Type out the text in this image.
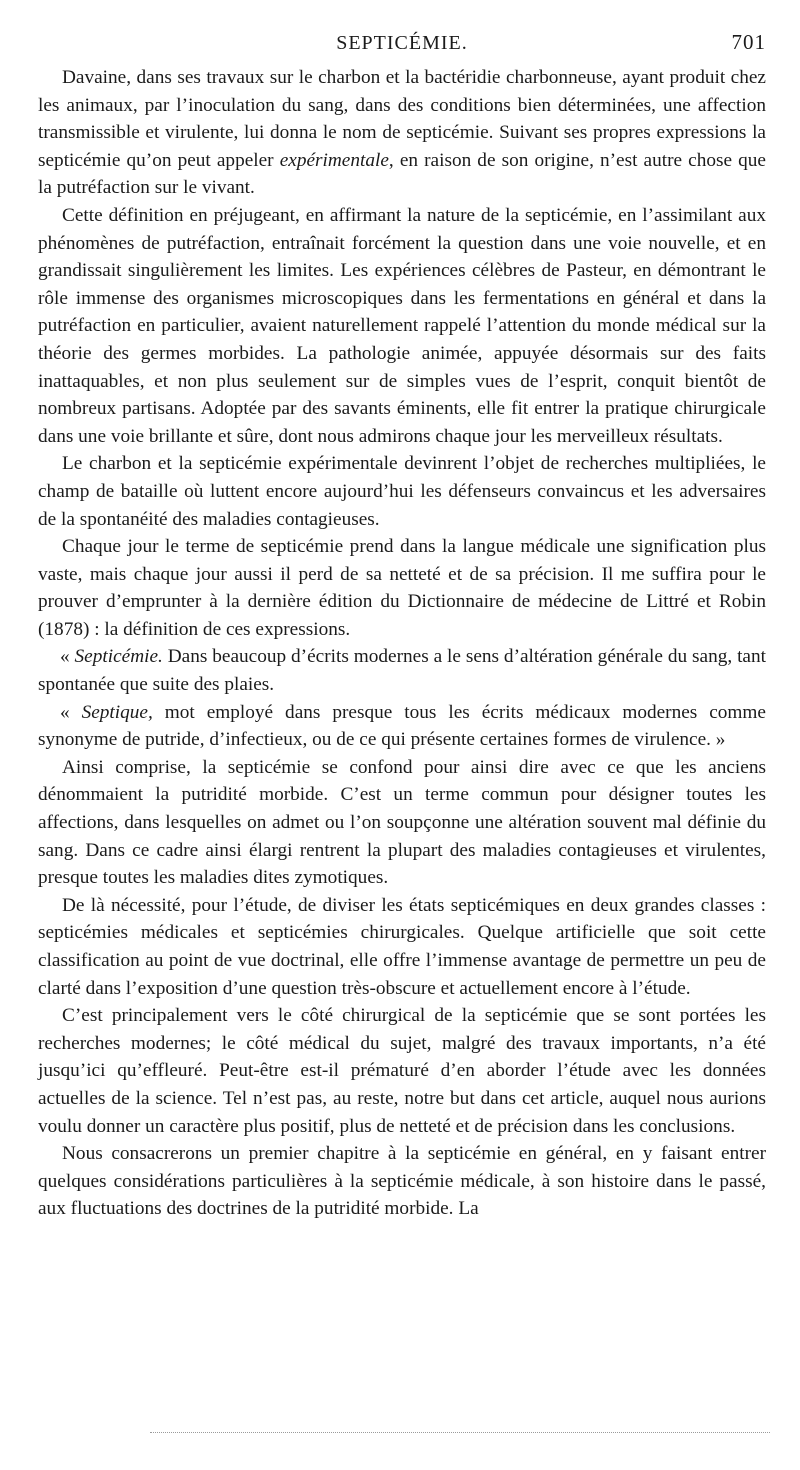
SEPTICÉMIE.	701

Davaine, dans ses travaux sur le charbon et la bactéridie charbonneuse, ayant produit chez les animaux, par l’inoculation du sang, dans des conditions bien déterminées, une affection transmissible et virulente, lui donna le nom de septicémie. Suivant ses propres expressions la septicémie qu’on peut appeler expérimentale, en raison de son origine, n’est autre chose que la putréfaction sur le vivant.

Cette définition en préjugeant, en affirmant la nature de la septicémie, en l’assimilant aux phénomènes de putréfaction, entraînait forcément la question dans une voie nouvelle, et en grandissait singulièrement les limites. Les expériences célèbres de Pasteur, en démontrant le rôle immense des organismes microscopiques dans les fermentations en général et dans la putréfaction en particulier, avaient naturellement rappelé l’attention du monde médical sur la théorie des germes morbides. La pathologie animée, appuyée désormais sur des faits inattaquables, et non plus seulement sur de simples vues de l’esprit, conquit bientôt de nombreux partisans. Adoptée par des savants éminents, elle fit entrer la pratique chirurgicale dans une voie brillante et sûre, dont nous admirons chaque jour les merveilleux résultats.

Le charbon et la septicémie expérimentale devinrent l’objet de recherches multipliées, le champ de bataille où luttent encore aujourd’hui les défenseurs convaincus et les adversaires de la spontanéité des maladies contagieuses.

Chaque jour le terme de septicémie prend dans la langue médicale une signification plus vaste, mais chaque jour aussi il perd de sa netteté et de sa précision. Il me suffira pour le prouver d’emprunter à la dernière édition du Dictionnaire de médecine de Littré et Robin (1878) : la définition de ces expressions.

« Septicémie. Dans beaucoup d’écrits modernes a le sens d’altération générale du sang, tant spontanée que suite des plaies.

« Septique, mot employé dans presque tous les écrits médicaux modernes comme synonyme de putride, d’infectieux, ou de ce qui présente certaines formes de virulence. »

Ainsi comprise, la septicémie se confond pour ainsi dire avec ce que les anciens dénommaient la putridité morbide. C’est un terme commun pour désigner toutes les affections, dans lesquelles on admet ou l’on soupçonne une altération souvent mal définie du sang. Dans ce cadre ainsi élargi rentrent la plupart des maladies contagieuses et virulentes, presque toutes les maladies dites zymotiques.

De là nécessité, pour l’étude, de diviser les états septicémiques en deux grandes classes : septicémies médicales et septicémies chirurgicales. Quelque artificielle que soit cette classification au point de vue doctrinal, elle offre l’immense avantage de permettre un peu de clarté dans l’exposition d’une question très-obscure et actuellement encore à l’étude.

C’est principalement vers le côté chirurgical de la septicémie que se sont portées les recherches modernes; le côté médical du sujet, malgré des travaux importants, n’a été jusqu’ici qu’effleuré. Peut-être est-il prématuré d’en aborder l’étude avec les données actuelles de la science. Tel n’est pas, au reste, notre but dans cet article, auquel nous aurions voulu donner un caractère plus positif, plus de netteté et de précision dans les conclusions.

Nous consacrerons un premier chapitre à la septicémie en général, en y faisant entrer quelques considérations particulières à la septicémie médicale, à son histoire dans le passé, aux fluctuations des doctrines de la putridité morbide. La
